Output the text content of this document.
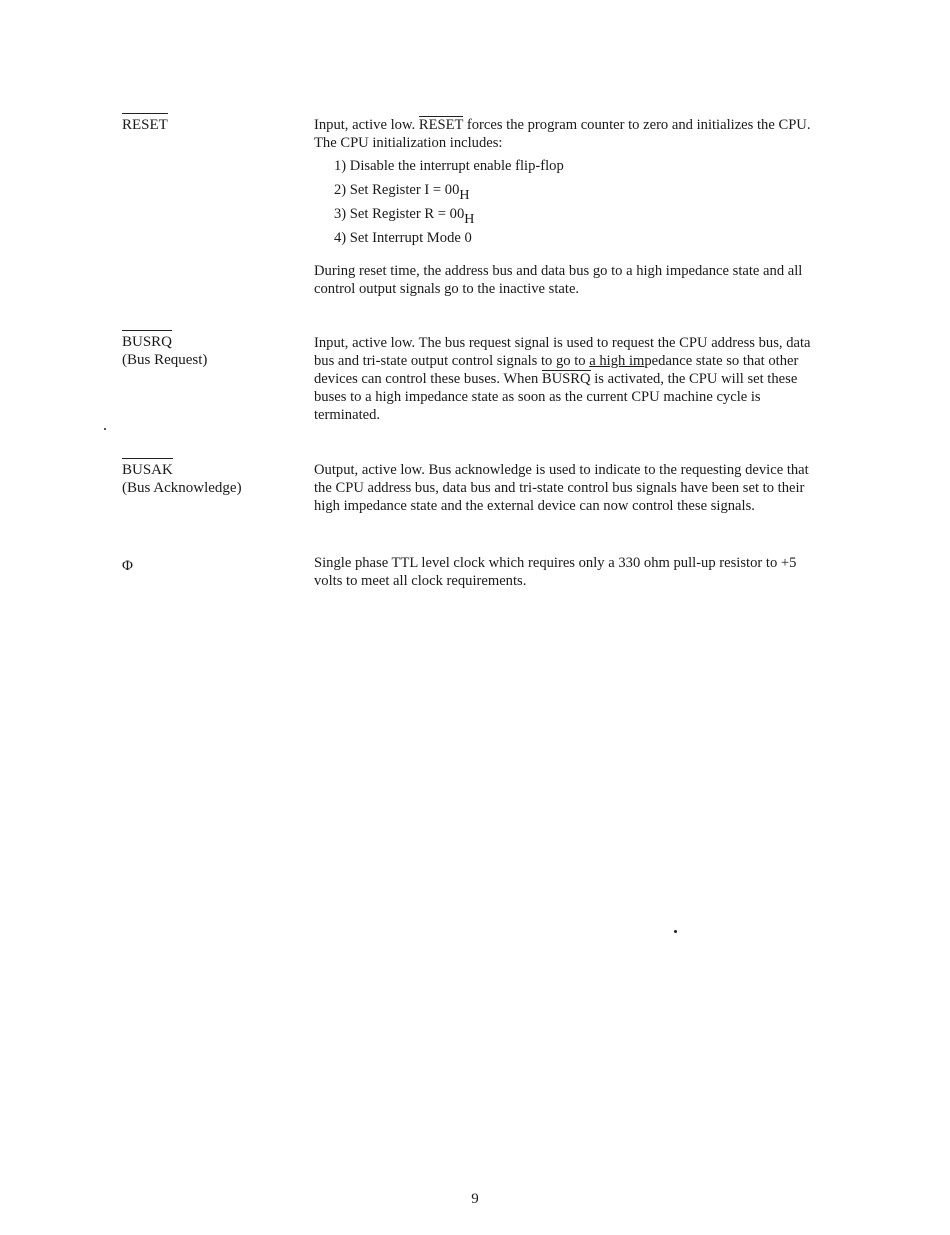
RESET	Input, active low. RESET forces the program counter to zero and initializes the CPU. The CPU initialization includes:

1) Disable the interrupt enable flip-flop
2) Set Register I = 00H
3) Set Register R = 00H
4) Set Interrupt Mode 0

During reset time, the address bus and data bus go to a high impedance state and all control output signals go to the inactive state.

BUSRQ
(Bus Request)

Input, active low. The bus request signal is used to request the CPU address bus, data bus and tri-state output control signals to go to a high impedance state so that other devices can control these buses. When BUSRQ is activated, the CPU will set these buses to a high impedance state as soon as the current CPU machine cycle is terminated.

BUSAK
(Bus Acknowledge)

Output, active low. Bus acknowledge is used to indicate to the requesting device that the CPU address bus, data bus and tri-state control bus signals have been set to their high impedance state and the external device can now control these signals.

Φ	Single phase TTL level clock which requires only a 330 ohm pull-up resistor to +5 volts to meet all clock requirements.

9
